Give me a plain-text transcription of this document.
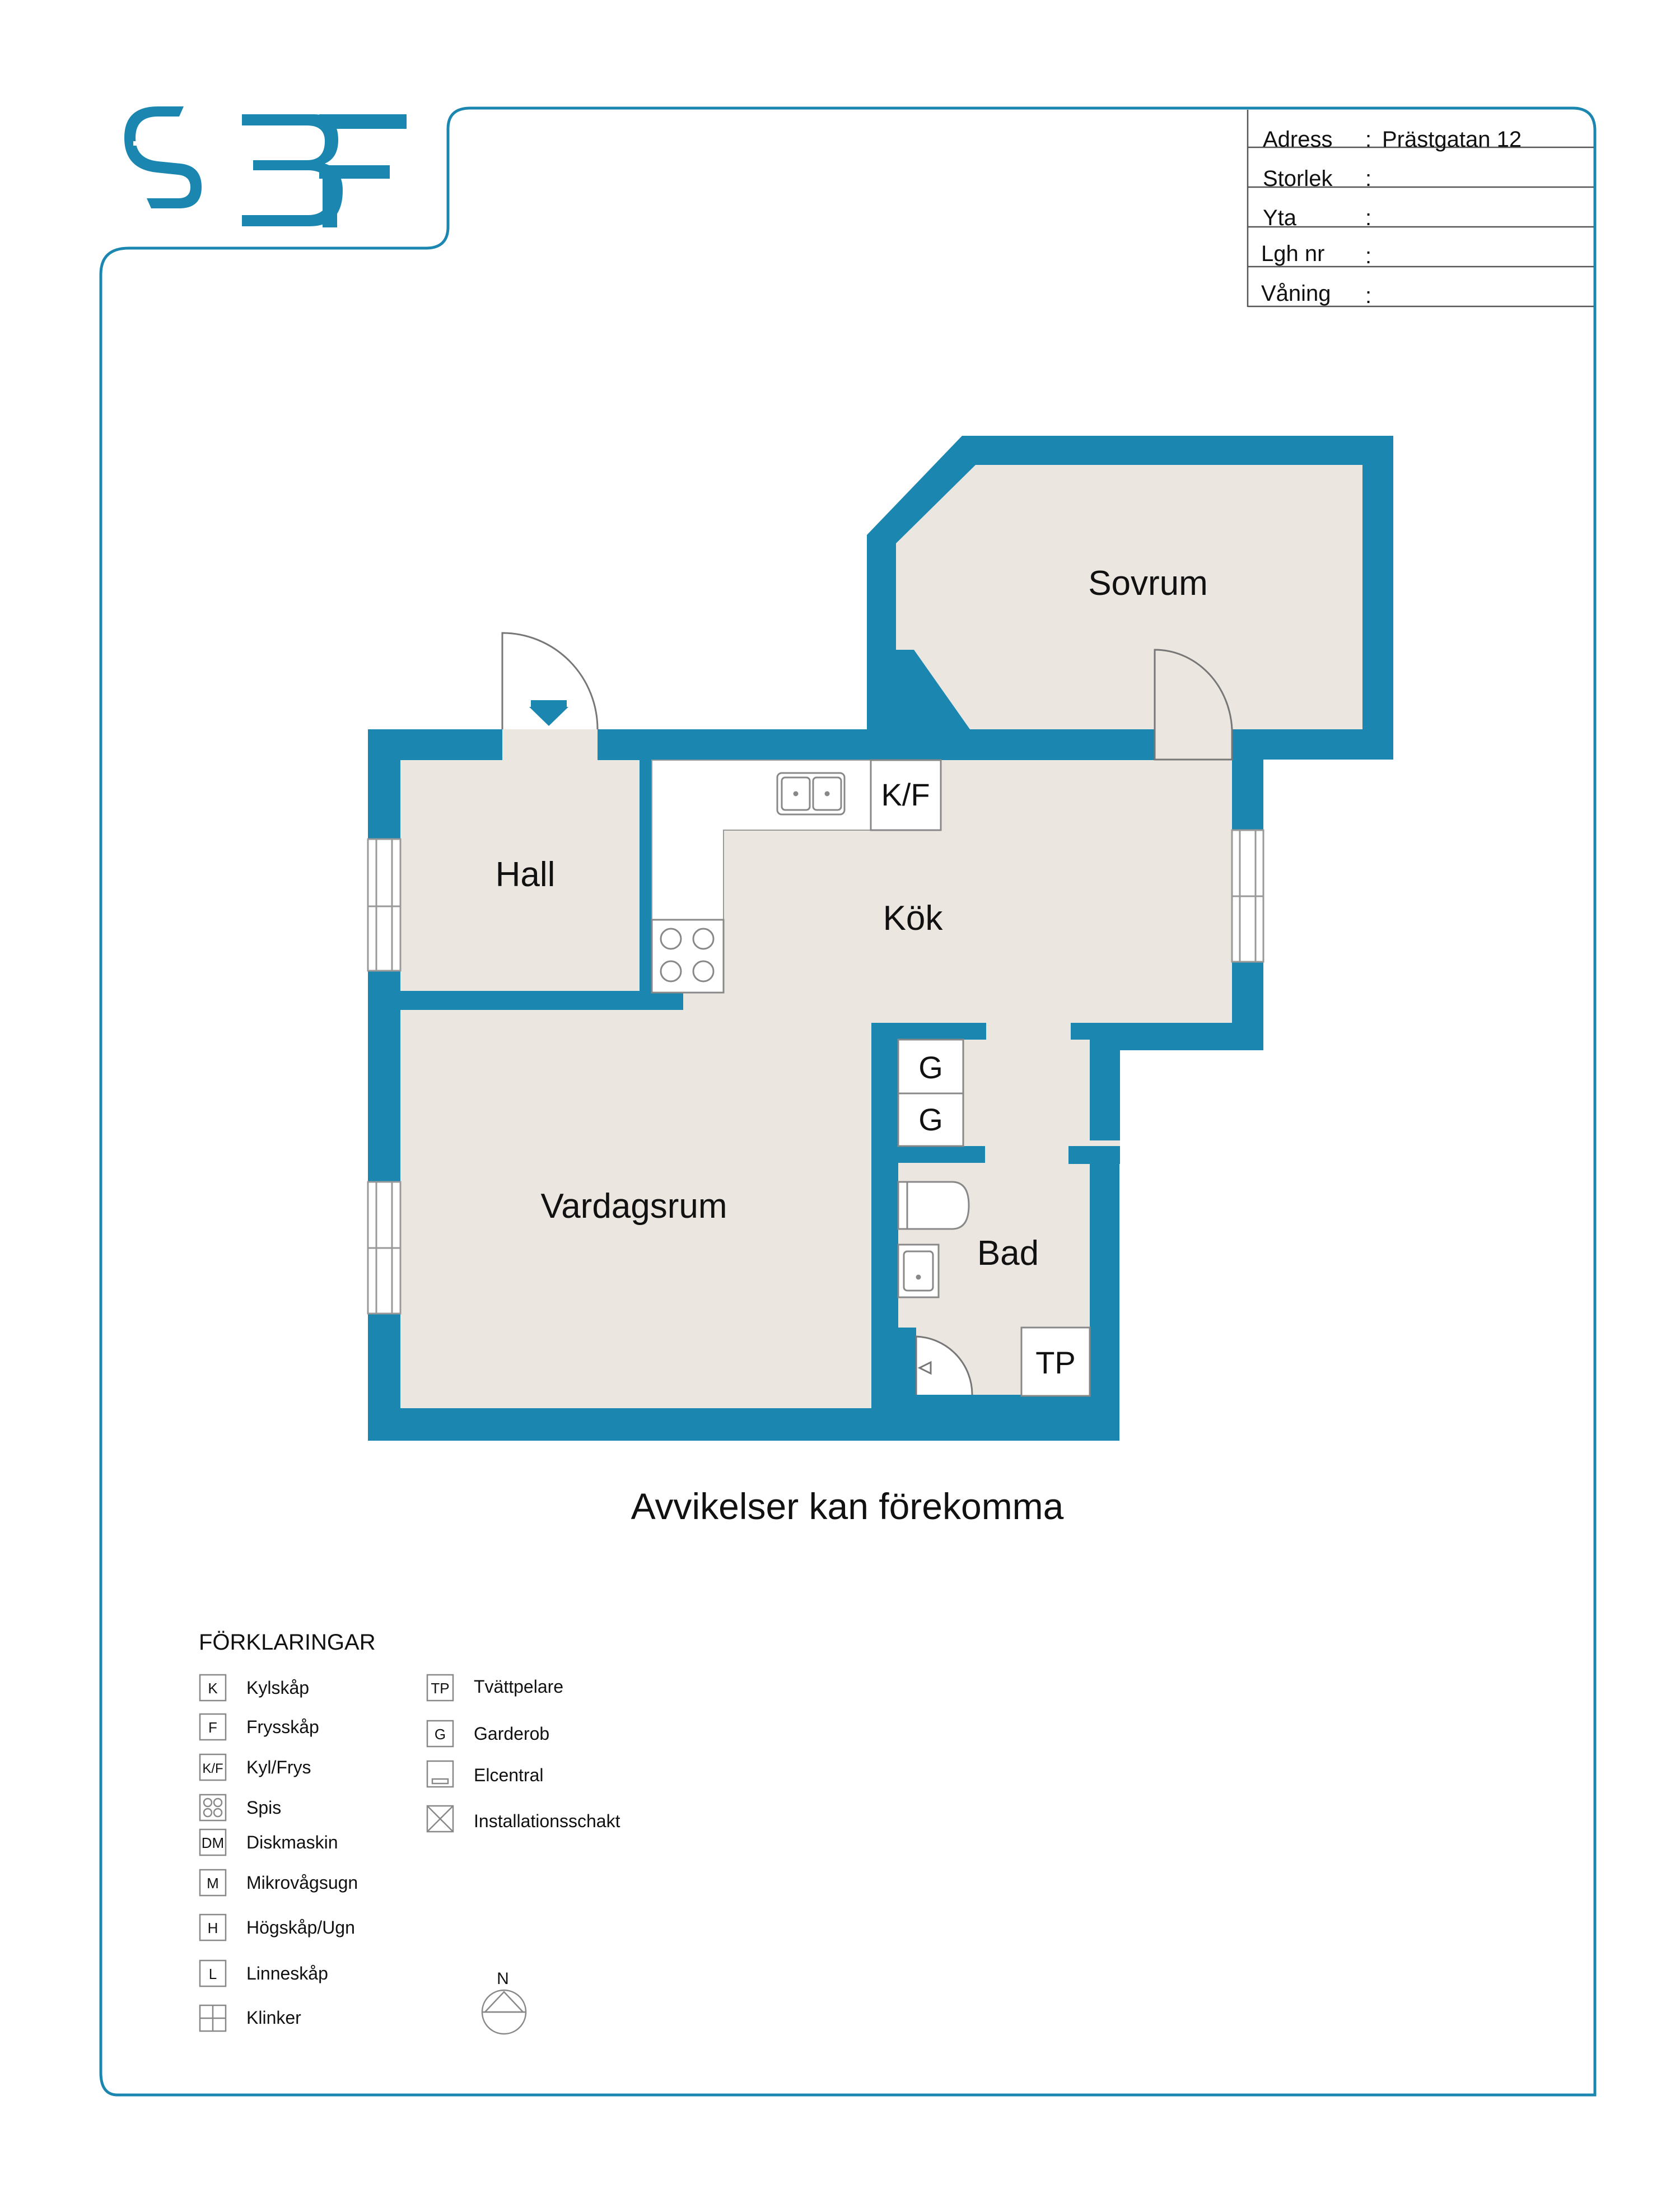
Adress : Prästgatan 12
Storlek :
Yta	:
Lgh nr :
Våning :
K/F
G
G
TP
Sovrum
Hall
Kök
Vardagsrum
Bad
Avvikelser kan förekomma
FÖRKLARINGAR
K Kylskåp
F Frysskåp
K/F Kyl/Frys
Spis
DM Diskmaskin
M Mikrovågsugn
H Högskåp/Ugn
L Linneskåp
Klinker
TP Tvättpelare
G Garderob
Elcentral
Installationsschakt
N
